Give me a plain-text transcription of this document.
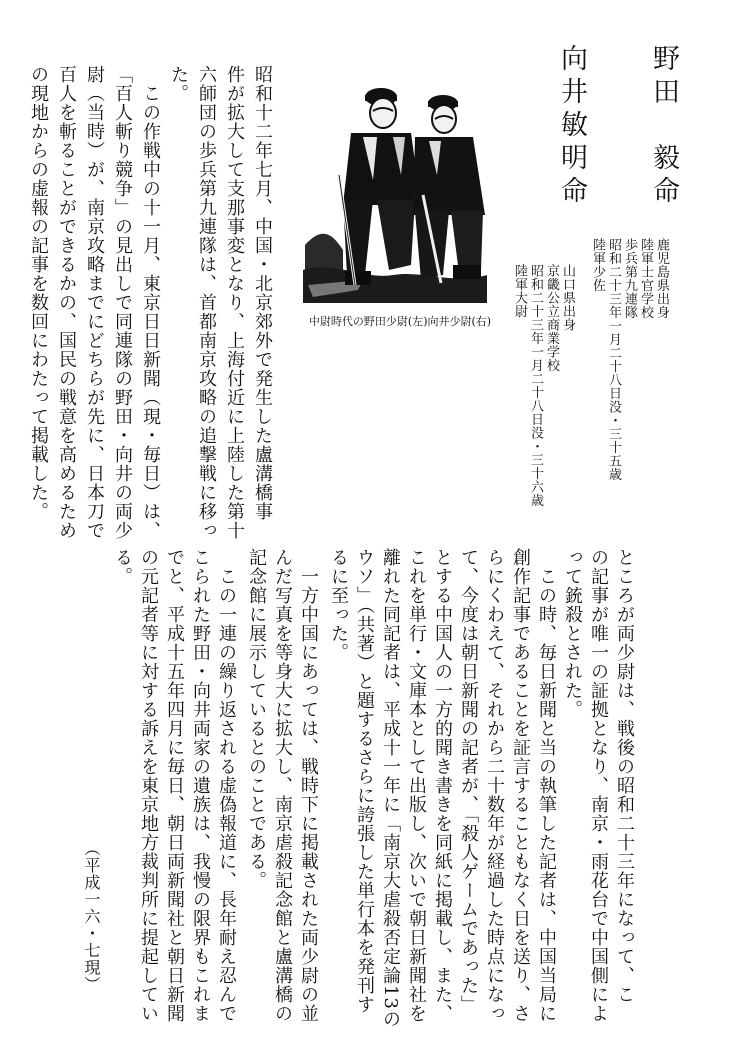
野田　毅命
向井敏明命
鹿児島県出身
陸軍士官学校
歩兵第九連隊
昭和二十三年一月二十八日没・三十五歳
陸軍少佐
山口県出身
京畿公立商業学校
昭和二十三年一月二十八日没・三十六歳
陸軍大尉
中尉時代の野田少尉(左)向井少尉(右)
昭和十二年七月、中国・北京郊外で発生した盧溝橋事
件が拡大して支那事変となり、上海付近に上陸した第十
六師団の歩兵第九連隊は、首都南京攻略の追撃戦に移っ
た。
　この作戦中の十一月、東京日日新聞（現・毎日）は、
「百人斬り競争」の見出しで同連隊の野田・向井の両少
尉（当時）が、南京攻略までにどちらが先に、日本刀で
百人を斬ることができるかの、国民の戦意を高めるため
の現地からの虚報の記事を数回にわたって掲載した。
ところが両少尉は、戦後の昭和二十三年になって、こ
の記事が唯一の証拠となり、南京・雨花台で中国側によ
って銃殺とされた。
　この時、毎日新聞と当の執筆した記者は、中国当局に
創作記事であることを証言することもなく日を送り、さ
らにくわえて、それから二十数年が経過した時点になっ
て、今度は朝日新聞の記者が、「殺人ゲームであった」
とする中国人の一方的聞き書きを同紙に掲載し、また、
これを単行・文庫本として出版し、次いで朝日新聞社を
離れた同記者は、平成十一年に「南京大虐殺否定論13の
ウソ」（共著）と題するさらに誇張した単行本を発刊す
るに至った。
　一方中国にあっては、戦時下に掲載された両少尉の並
んだ写真を等身大に拡大し、南京虐殺記念館と盧溝橋の
記念館に展示しているとのことである。
　この一連の繰り返される虚偽報道に、長年耐え忍んで
こられた野田・向井両家の遺族は、我慢の限界もこれま
でと、平成十五年四月に毎日、朝日両新聞社と朝日新聞
の元記者等に対する訴えを東京地方裁判所に提起してい
る。
（平成一六・七現）
